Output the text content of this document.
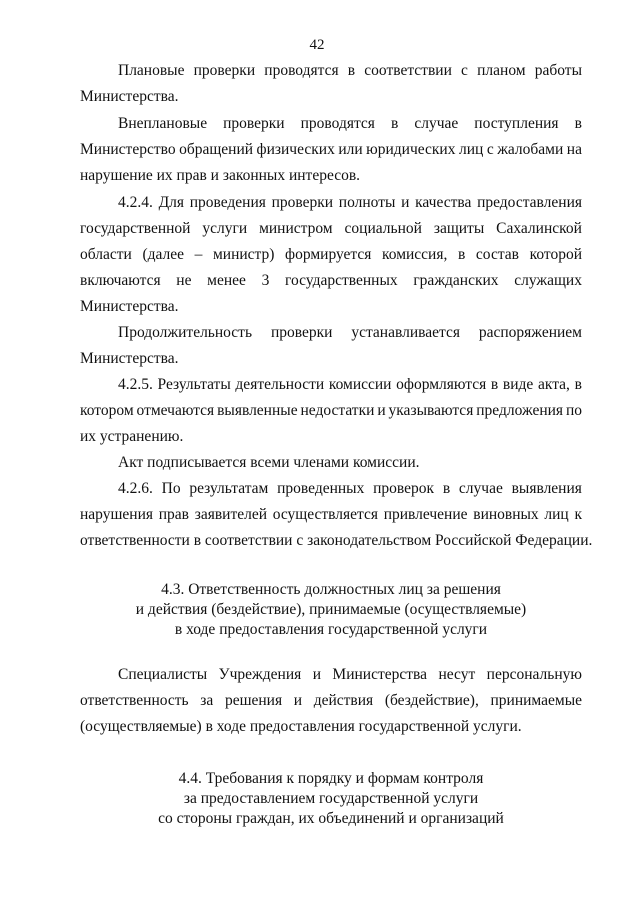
42
Плановые проверки проводятся в соответствии с планом работы
Министерства.
Внеплановые проверки проводятся в случае поступления в
Министерство обращений физических или юридических лиц с жалобами на
нарушение их прав и законных интересов.
4.2.4. Для проведения проверки полноты и качества предоставления
государственной услуги министром социальной защиты Сахалинской
области (далее – министр) формируется комиссия, в состав которой
включаются не менее 3 государственных гражданских служащих
Министерства.
Продолжительность проверки устанавливается распоряжением
Министерства.
4.2.5. Результаты деятельности комиссии оформляются в виде акта, в
котором отмечаются выявленные недостатки и указываются предложения по
их устранению.
Акт подписывается всеми членами комиссии.
4.2.6. По результатам проведенных проверок в случае выявления
нарушения прав заявителей осуществляется привлечение виновных лиц к
ответственности в соответствии с законодательством Российской Федерации.
4.3. Ответственность должностных лиц за решения
и действия (бездействие), принимаемые (осуществляемые)
в ходе предоставления государственной услуги
Специалисты Учреждения и Министерства несут персональную
ответственность за решения и действия (бездействие), принимаемые
(осуществляемые) в ходе предоставления государственной услуги.
4.4. Требования к порядку и формам контроля
за предоставлением государственной услуги
со стороны граждан, их объединений и организаций
